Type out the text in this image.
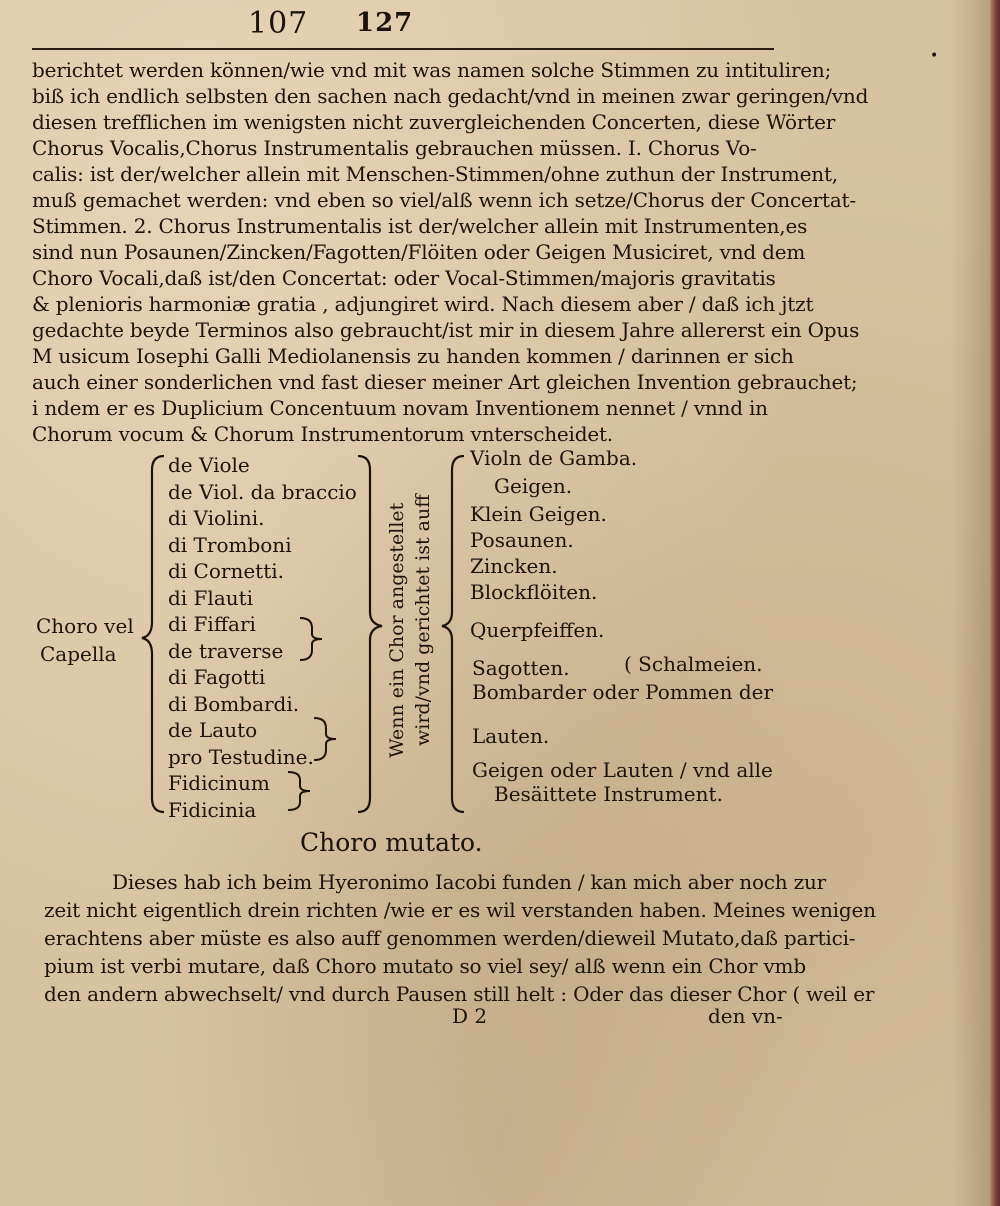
107 127
•
berichtet werden können/wie vnd mit was namen solche Stimmen zu intituliren;
biß ich endlich selbsten den sachen nach gedacht/vnd in meinen zwar geringen/vnd
diesen trefflichen im wenigsten nicht zuvergleichenden Concerten, diese Wörter
Chorus Vocalis,Chorus Instrumentalis gebrauchen müssen. I. Chorus Vo-
calis: ist der/welcher allein mit Menschen-Stimmen/ohne zuthun der Instrument,
muß gemachet werden: vnd eben so viel/alß wenn ich setze/Chorus der Concertat-
Stimmen. 2. Chorus Instrumentalis ist der/welcher allein mit Instrumenten,es
sind nun Posaunen/Zincken/Fagotten/Flöiten oder Geigen Musiciret, vnd dem
Choro Vocali,daß ist/den Concertat: oder Vocal-Stimmen/majoris gravitatis
& plenioris harmoniæ gratia , adjungiret wird. Nach diesem aber / daß ich jtzt
gedachte beyde Terminos also gebraucht/ist mir in diesem Jahre allererst ein Opus
M usicum Iosephi Galli Mediolanensis zu handen kommen / darinnen er sich
auch einer sonderlichen vnd fast dieser meiner Art gleichen Invention gebrauchet;
i ndem er es Duplicium Concentuum novam Inventionem nennet / vnnd in
Chorum vocum & Chorum Instrumentorum vnterscheidet.
Choro vel
Capella
de Viole
de Viol. da braccio
di Violini.
di Tromboni
di Cornetti.
di Flauti
di Fiffari
de traverse
di Fagotti
di Bombardi.
de Lauto
pro Testudine.
Fidicinum
Fidicinia
Wenn ein Chor angestellet wird/vnd gerichtet ist auff
Violn de Gamba.
Geigen.
Klein Geigen.
Posaunen.
Zincken.
Blockflöiten.
Querpfeiffen.
Sagotten.	( Schalmeien.
Bombarder oder Pommen der
Lauten.
Geigen oder Lauten / vnd alle
Besäittete Instrument.
Choro mutato.
Dieses hab ich beim Hyeronimo Iacobi funden / kan mich aber noch zur
zeit nicht eigentlich drein richten /wie er es wil verstanden haben. Meines wenigen
erachtens aber müste es also auff genommen werden/dieweil Mutato,daß partici-
pium ist verbi mutare, daß Choro mutato so viel sey/ alß wenn ein Chor vmb
den andern abwechselt/ vnd durch Pausen still helt : Oder das dieser Chor ( weil er
D 2	den vn-
